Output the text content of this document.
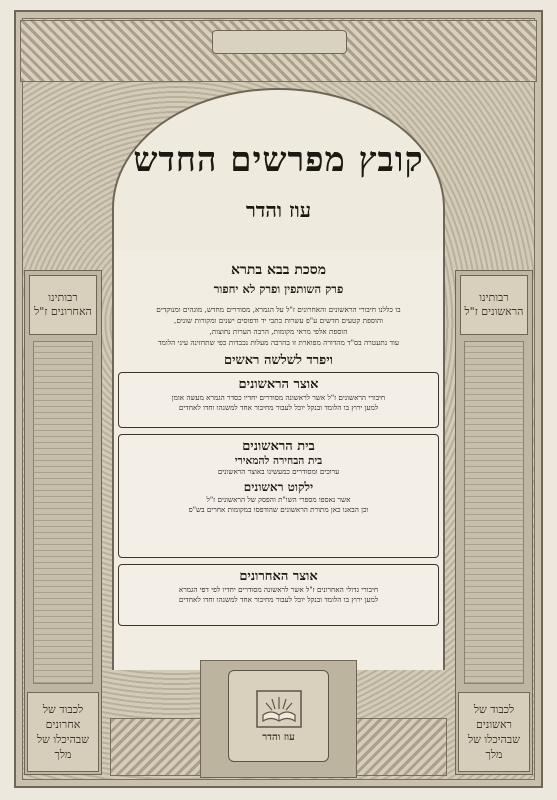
רבותינו האחרונים ז"ל
לכבוד של אחרונים שבהיכלו של מלך
רבותינו הראשונים ז"ל
לכבוד של ראשונים שבהיכלו של מלך
קובץ מפרשים החדש
עוז והדר
מסכת בבא בתרא
פרק השותפין ופרק לא יחפור
בו כללנו חיבורי הראשונים והאחרונים ז"ל על הגמרא, מסודרים מחדש, מוגהים ומנוקדים
והוספת קטעים חדשים ע"פ עשרות כתבי יד ודפוסים ישנים ומקורות שונים,
הוספת אלפי מראי מקומות, הרבה הערות נחוצות,
עוד נתעטרה בס"ד מהדורה מפוארת זו בהרבה מעלות נכבדות כפי שתחזינה עיני הלומד
ויפרד לשלשה ראשים
אוצר הראשונים

חיבורי הראשונים ז"ל אשר לראשונה מסודרים יחדיו כסדר הגמרא מעשה אומן

למען ירוץ בו הלומד ובנקל יוכל לעבור מחיבור אחד למשנהו וחדו לאחדים

בית הראשונים
בית הבחירה להמאירי

ערוכים ומסודרים כמעשינו באוצר הראשונים

ילקוט ראשונים

אשר נאספו מספרי השו"ת והפסק של הראשונים ז"ל

וכן הבאנו כאן מתורת הראשונים שהודפסו במקומות אחרים בש"ס

אוצר האחרונים

חיבורי גדולי האחרונים ז"ל אשר לראשונה מסודרים יחדיו לפי דפי הגמרא

למען ירוץ בו הלומד ובנקל יוכל לעבור מחיבור אחד למשנהו וחדו לאחדים

עוז והדר
